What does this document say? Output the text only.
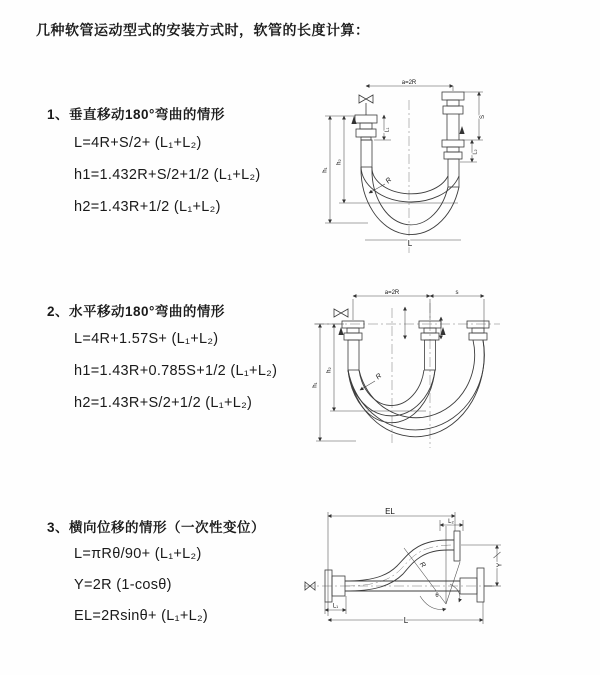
几种软管运动型式的安装方式时，软管的长度计算：
1、垂直移动180°弯曲的情形
L=4R+S/2+ (L₁+L₂)
h1=1.432R+S/2+1/2 (L₁+L₂)
h2=1.43R+1/2 (L₁+L₂)
2、水平移动180°弯曲的情形
L=4R+1.57S+ (L₁+L₂)
h1=1.43R+0.785S+1/2 (L₁+L₂)
h2=1.43R+S/2+1/2 (L₁+L₂)
3、横向位移的情形（一次性变位）
L=πRθ/90+ (L₁+L₂)
Y=2R (1-cosθ)
EL=2Rsinθ+ (L₁+L₂)
a=2R
h₁
h₂
L₁
S
L₂
R
L
a=2R	s
h₁
h₂
R
EL
L₂
Y
R
θ
L
L₁
